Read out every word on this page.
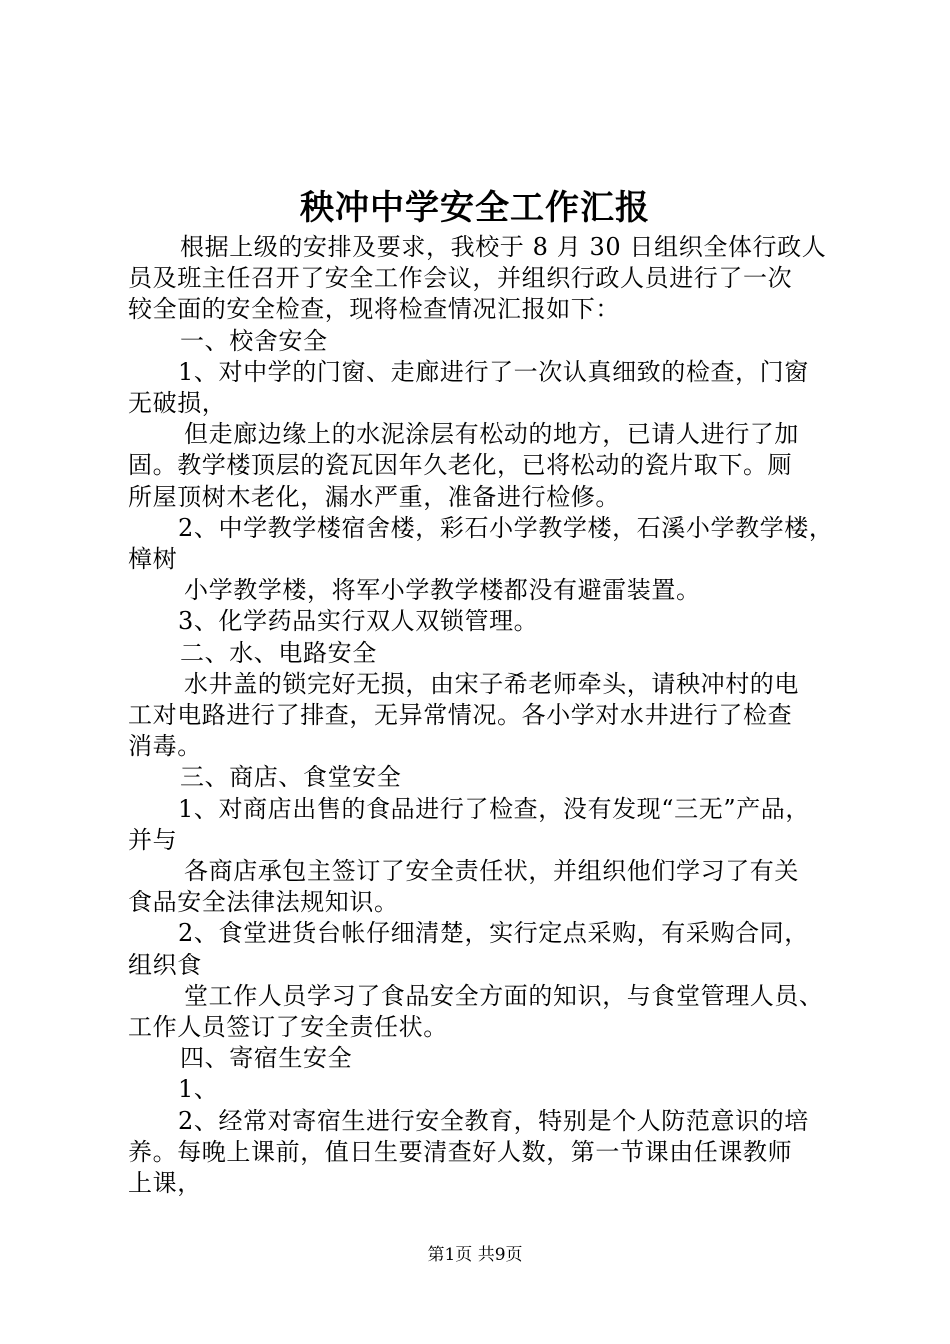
秧冲中学安全工作汇报

根据上级的安排及要求，我校于 8 月 30 日组织全体行政人

员及班主任召开了安全工作会议，并组织行政人员进行了一次

较全面的安全检查，现将检查情况汇报如下：

一、校舍安全

1、对中学的门窗、走廊进行了一次认真细致的检查，门窗

无破损，

但走廊边缘上的水泥涂层有松动的地方，已请人进行了加

固。教学楼顶层的瓷瓦因年久老化，已将松动的瓷片取下。厕

所屋顶树木老化，漏水严重，准备进行检修。

2、中学教学楼宿舍楼，彩石小学教学楼，石溪小学教学楼，

樟树

小学教学楼，将军小学教学楼都没有避雷装置。

3、化学药品实行双人双锁管理。

二、水、电路安全

水井盖的锁完好无损，由宋子希老师牵头，请秧冲村的电

工对电路进行了排查，无异常情况。各小学对水井进行了检查

消毒。

三、商店、食堂安全

1、对商店出售的食品进行了检查，没有发现“三无”产品，

并与

各商店承包主签订了安全责任状，并组织他们学习了有关

食品安全法律法规知识。

2、食堂进货台帐仔细清楚，实行定点采购，有采购合同，

组织食

堂工作人员学习了食品安全方面的知识，与食堂管理人员、

工作人员签订了安全责任状。

四、寄宿生安全

1、

2、经常对寄宿生进行安全教育，特别是个人防范意识的培

养。每晚上课前，值日生要清查好人数，第一节课由任课教师

上课，

第1页 共9页
